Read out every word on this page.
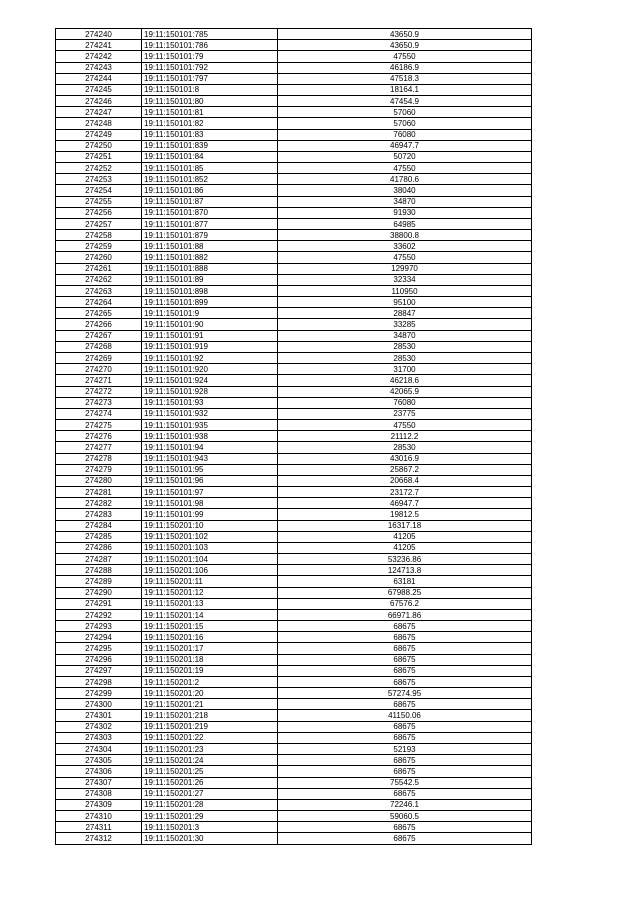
274240	19:11:150101:785	43650.9
274241	19:11:150101:786	43650.9
274242	19:11:150101:79	47550
274243	19:11:150101:792	46186.9
274244	19:11:150101:797	47518.3
274245	19:11:150101:8	18164.1
274246	19:11:150101:80	47454.9
274247	19:11:150101:81	57060
274248	19:11:150101:82	57060
274249	19:11:150101:83	76080
274250	19:11:150101:839	46947.7
274251	19:11:150101:84	50720
274252	19:11:150101:85	47550
274253	19:11:150101:852	41780.6
274254	19:11:150101:86	38040
274255	19:11:150101:87	34870
274256	19:11:150101:870	91930
274257	19:11:150101:877	64985
274258	19:11:150101:879	38800.8
274259	19:11:150101:88	33602
274260	19:11:150101:882	47550
274261	19:11:150101:888	129970
274262	19:11:150101:89	32334
274263	19:11:150101:898	110950
274264	19:11:150101:899	95100
274265	19:11:150101:9	28847
274266	19:11:150101:90	33285
274267	19:11:150101:91	34870
274268	19:11:150101:919	28530
274269	19:11:150101:92	28530
274270	19:11:150101:920	31700
274271	19:11:150101:924	46218.6
274272	19:11:150101:928	42065.9
274273	19:11:150101:93	76080
274274	19:11:150101:932	23775
274275	19:11:150101:935	47550
274276	19:11:150101:938	21112.2
274277	19:11:150101:94	28530
274278	19:11:150101:943	43016.9
274279	19:11:150101:95	25867.2
274280	19:11:150101:96	20668.4
274281	19:11:150101:97	23172.7
274282	19:11:150101:98	46947.7
274283	19:11:150101:99	19812.5
274284	19:11:150201:10	16317.18
274285	19:11:150201:102	41205
274286	19:11:150201:103	41205
274287	19:11:150201:104	53236.86
274288	19:11:150201:106	124713.8
274289	19:11:150201:11	63181
274290	19:11:150201:12	67988.25
274291	19:11:150201:13	67576.2
274292	19:11:150201:14	66971.86
274293	19:11:150201:15	68675
274294	19:11:150201:16	68675
274295	19:11:150201:17	68675
274296	19:11:150201:18	68675
274297	19:11:150201:19	68675
274298	19:11:150201:2	68675
274299	19:11:150201:20	57274.95
274300	19:11:150201:21	68675
274301	19:11:150201:218	41150.06
274302	19:11:150201:219	68675
274303	19:11:150201:22	68675
274304	19:11:150201:23	52193
274305	19:11:150201:24	68675
274306	19:11:150201:25	68675
274307	19:11:150201:26	75542.5
274308	19:11:150201:27	68675
274309	19:11:150201:28	72246.1
274310	19:11:150201:29	59060.5
274311	19:11:150201:3	68675
274312	19:11:150201:30	68675
